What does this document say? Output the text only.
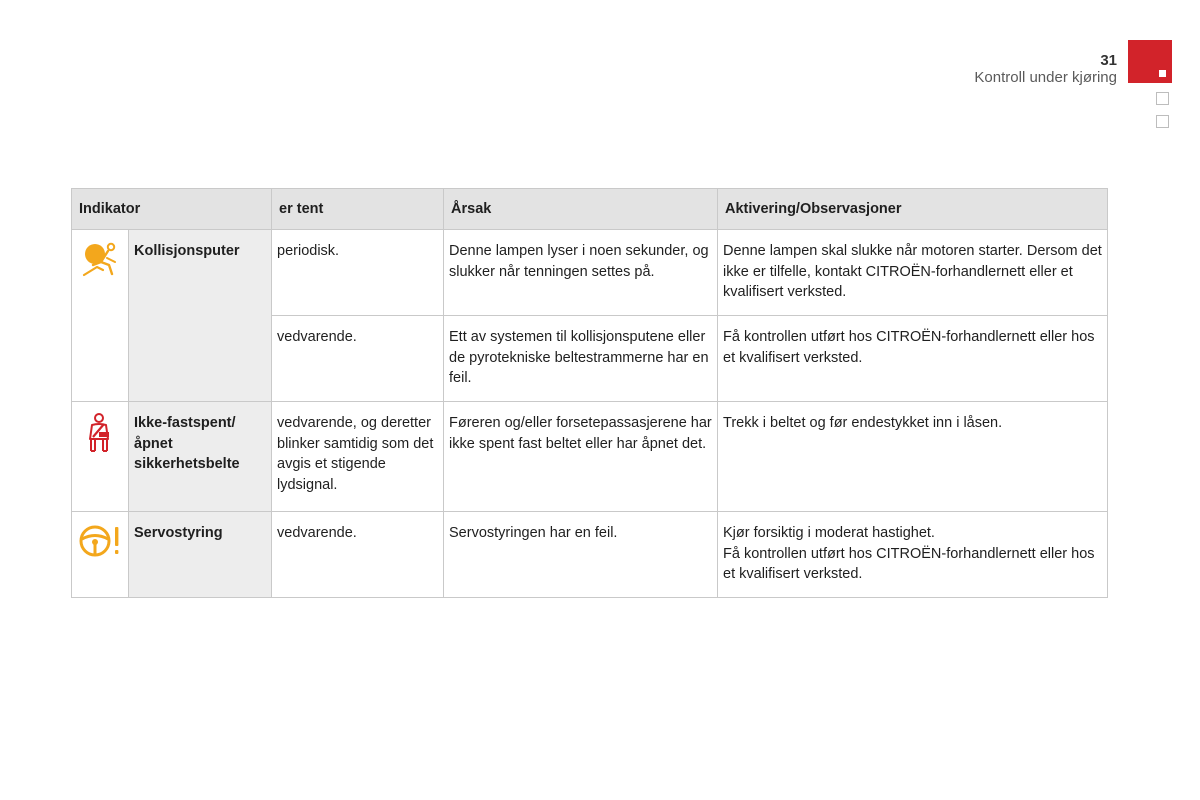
31
Kontroll under kjøring
Indikator		er tent	Årsak	Aktivering/Observasjoner

	Kollisjonsputer	periodisk.	Denne lampen lyser i noen sekunder, og slukker når tenningen settes på.	Denne lampen skal slukke når motoren starter. Dersom det ikke er tilfelle, kontakt CITROËN-forhandlernett eller et kvalifisert verksted.
		vedvarende.	Ett av systemen til kollisjonsputene eller de pyrotekniske beltestrammerne har en feil.	Få kontrollen utført hos CITROËN-forhandlernett eller hos et kvalifisert verksted.

	Ikke-fastspent/ åpnet sikkerhetsbelte	vedvarende, og deretter blinker samtidig som det avgis et stigende lydsignal.	Føreren og/eller forsetepassasjerene har ikke spent fast beltet eller har åpnet det.	Trekk i beltet og før endestykket inn i låsen.

	Servostyring	vedvarende.	Servostyringen har en feil.	Kjør forsiktig i moderat hastighet.
Få kontrollen utført hos CITROËN-forhandlernett eller hos et kvalifisert verksted.
